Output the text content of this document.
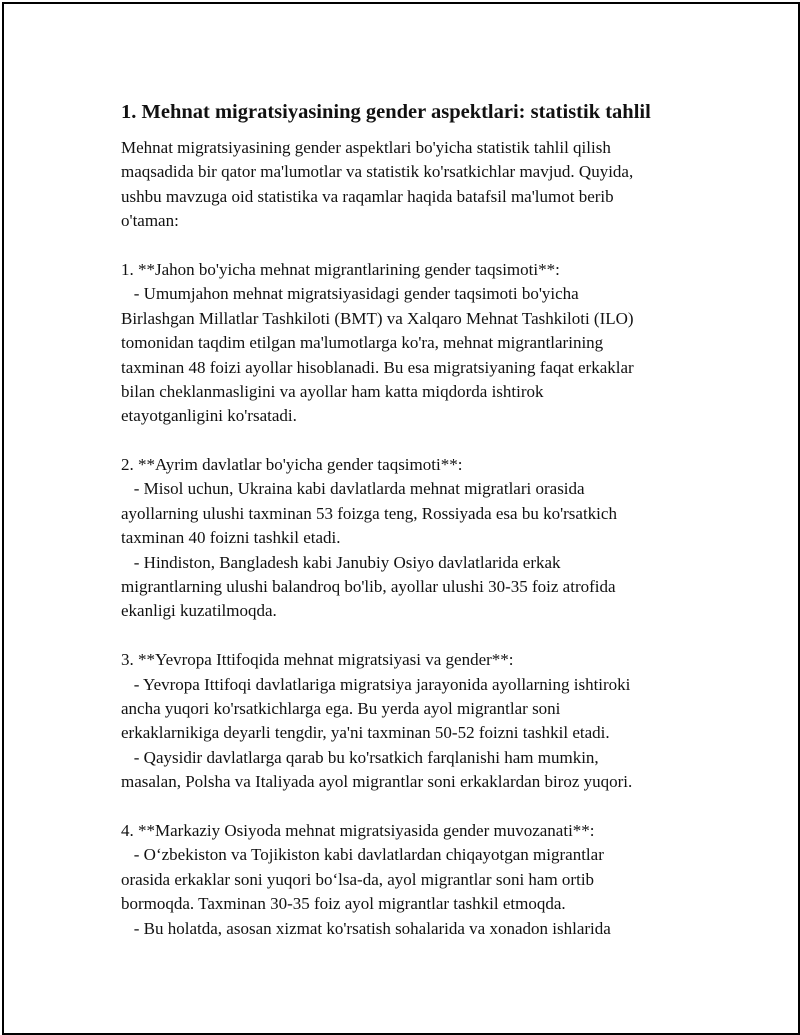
1. Mehnat migratsiyasining gender aspektlari: statistik tahlil
Mehnat migratsiyasining gender aspektlari bo'yicha statistik tahlil qilish
maqsadida bir qator ma'lumotlar va statistik ko'rsatkichlar mavjud. Quyida,
ushbu mavzuga oid statistika va raqamlar haqida batafsil ma'lumot berib
o'taman:
1. **Jahon bo'yicha mehnat migrantlarining gender taqsimoti**:
- Umumjahon mehnat migratsiyasidagi gender taqsimoti bo'yicha
Birlashgan Millatlar Tashkiloti (BMT) va Xalqaro Mehnat Tashkiloti (ILO)
tomonidan taqdim etilgan ma'lumotlarga ko'ra, mehnat migrantlarining
taxminan 48 foizi ayollar hisoblanadi. Bu esa migratsiyaning faqat erkaklar
bilan cheklanmasligini va ayollar ham katta miqdorda ishtirok
etayotganligini ko'rsatadi.
2. **Ayrim davlatlar bo'yicha gender taqsimoti**:
- Misol uchun, Ukraina kabi davlatlarda mehnat migratlari orasida
ayollarning ulushi taxminan 53 foizga teng, Rossiyada esa bu ko'rsatkich
taxminan 40 foizni tashkil etadi.
- Hindiston, Bangladesh kabi Janubiy Osiyo davlatlarida erkak
migrantlarning ulushi balandroq bo'lib, ayollar ulushi 30-35 foiz atrofida
ekanligi kuzatilmoqda.
3. **Yevropa Ittifoqida mehnat migratsiyasi va gender**:
- Yevropa Ittifoqi davlatlariga migratsiya jarayonida ayollarning ishtiroki
ancha yuqori ko'rsatkichlarga ega. Bu yerda ayol migrantlar soni
erkaklarnikiga deyarli tengdir, ya'ni taxminan 50-52 foizni tashkil etadi.
- Qaysidir davlatlarga qarab bu ko'rsatkich farqlanishi ham mumkin,
masalan, Polsha va Italiyada ayol migrantlar soni erkaklardan biroz yuqori.
4. **Markaziy Osiyoda mehnat migratsiyasida gender muvozanati**:
- O‘zbekiston va Tojikiston kabi davlatlardan chiqayotgan migrantlar
orasida erkaklar soni yuqori bo‘lsa-da, ayol migrantlar soni ham ortib
bormoqda. Taxminan 30-35 foiz ayol migrantlar tashkil etmoqda.
- Bu holatda, asosan xizmat ko'rsatish sohalarida va xonadon ishlarida
